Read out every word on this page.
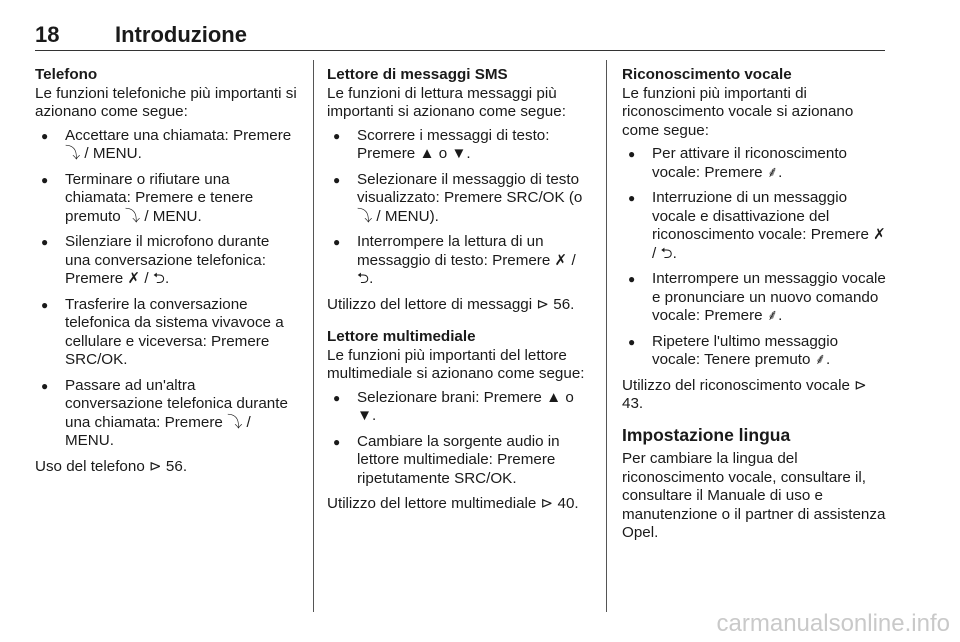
18	Introduzione

Telefono

Le funzioni telefoniche più importanti si azionano come segue:

● Accettare una chiamata: Premere ⤵ / MENU.
● Terminare o rifiutare una chiamata: Premere e tenere premuto ⤵ / MENU.
● Silenziare il microfono durante una conversazione telefonica: Premere ✗ / ⮌.
● Trasferire la conversazione telefonica da sistema vivavoce a cellulare e viceversa: Premere SRC/OK.
● Passare ad un'altra conversazione telefonica durante una chiamata: Premere ⤵ / MENU.

Uso del telefono ⊳ 56.

Lettore di messaggi SMS

Le funzioni di lettura messaggi più importanti si azionano come segue:

● Scorrere i messaggi di testo: Premere ▲ o ▼.
● Selezionare il messaggio di testo visualizzato: Premere SRC/OK (o ⤵ / MENU).
● Interrompere la lettura di un messaggio di testo: Premere ✗ / ⮌.

Utilizzo del lettore di messaggi ⊳ 56.

Lettore multimediale

Le funzioni più importanti del lettore multimediale si azionano come segue:

● Selezionare brani: Premere ▲ o ▼.
● Cambiare la sorgente audio in lettore multimediale: Premere ripetutamente SRC/OK.

Utilizzo del lettore multimediale ⊳ 40.

Riconoscimento vocale

Le funzioni più importanti di riconoscimento vocale si azionano come segue:

● Per attivare il riconoscimento vocale: Premere ⸙.
● Interruzione di un messaggio vocale e disattivazione del riconoscimento vocale: Premere ✗ / ⮌.
● Interrompere un messaggio vocale e pronunciare un nuovo comando vocale: Premere ⸙.
● Ripetere l'ultimo messaggio vocale: Tenere premuto ⸙.

Utilizzo del riconoscimento vocale ⊳ 43.

Impostazione lingua

Per cambiare la lingua del riconoscimento vocale, consultare il, consultare il Manuale di uso e manutenzione o il partner di assistenza Opel.

carmanualsonline.info
